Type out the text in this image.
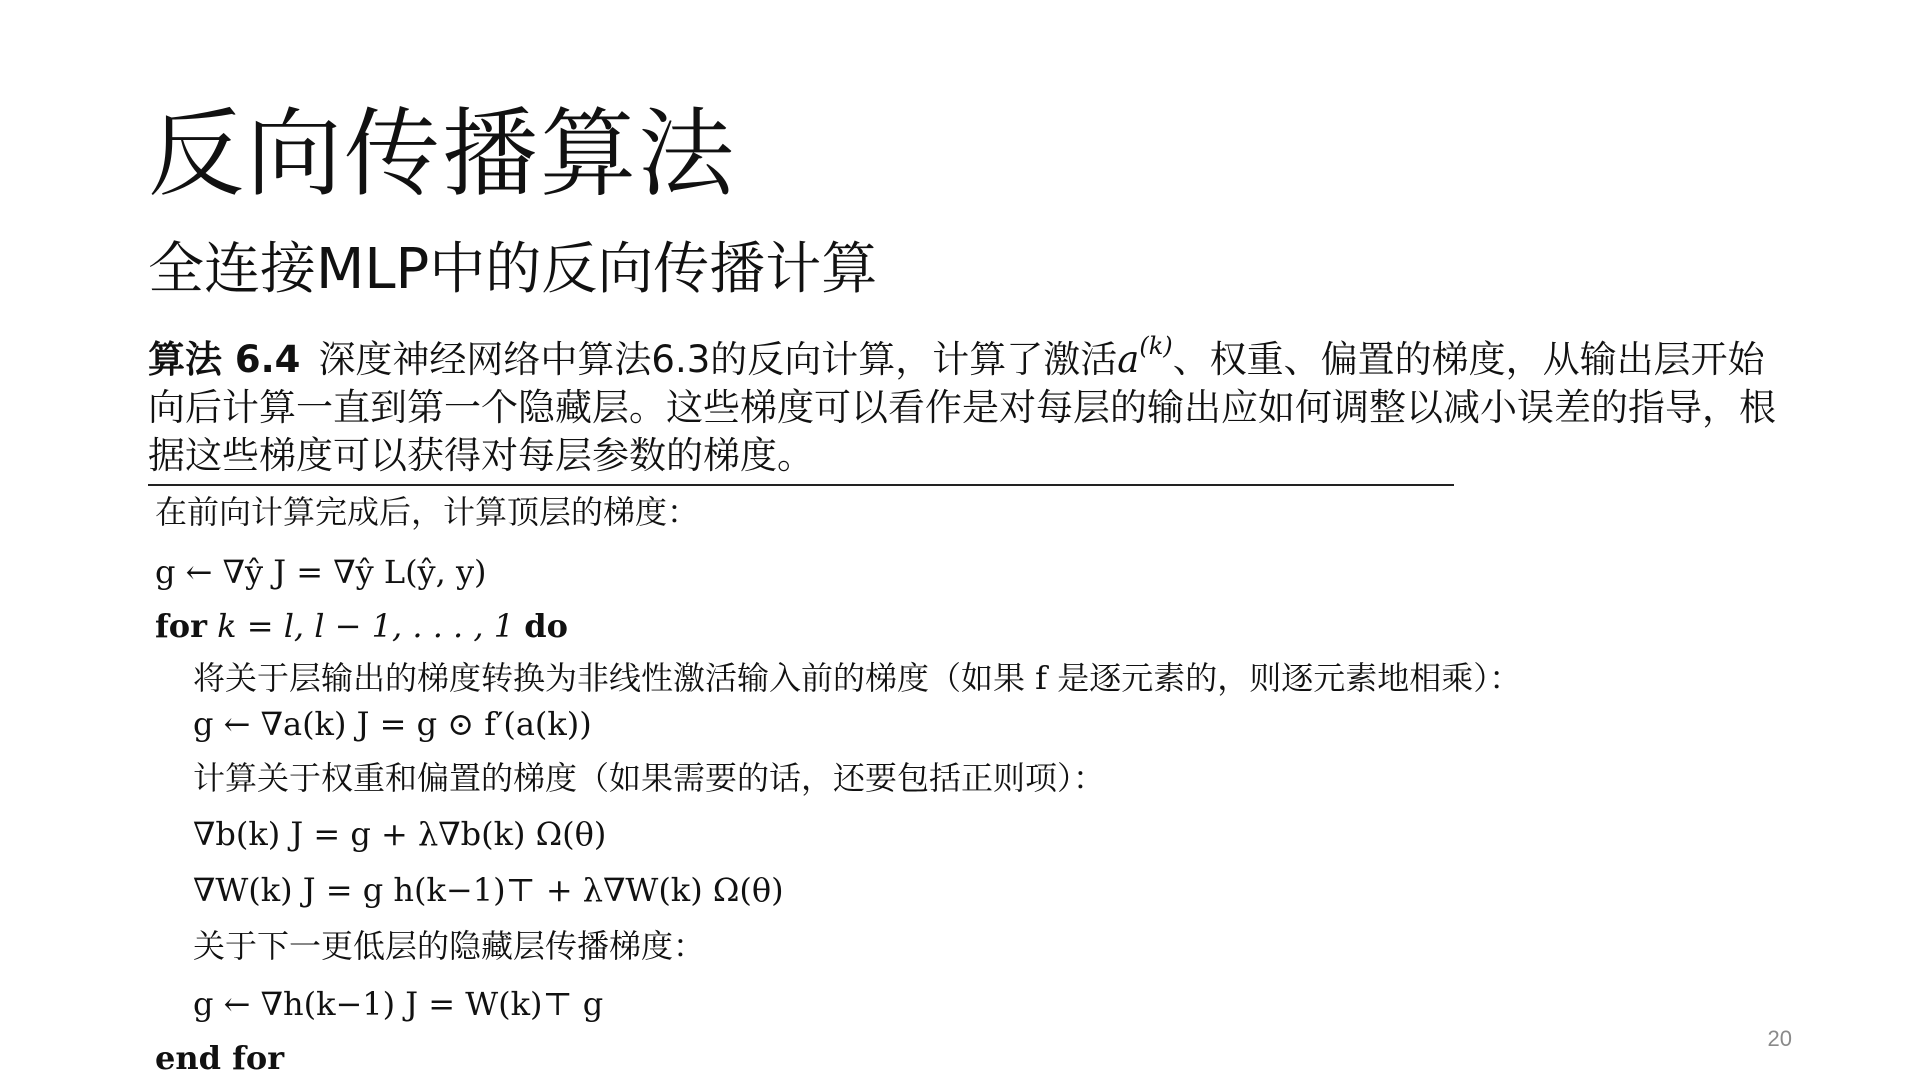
反向传播算法
全连接MLP中的反向传播计算
算法 6.4 深度神经网络中算法6.3的反向计算，计算了激活$a^{(k)}$、权重、偏置的梯度，从输出层开始向后计算一直到第一个隐藏层。这些梯度可以看作是对每层的输出应如何调整以减小误差的指导，根据这些梯度可以获得对每层参数的梯度。
在前向计算完成后，计算顶层的梯度：
g ← ∇ŷ J = ∇ŷ L(ŷ, y)
for k = l, l − 1, . . . , 1 do
将关于层输出的梯度转换为非线性激活输入前的梯度（如果 f 是逐元素的，则逐元素地相乘）：
g ← ∇a(k) J = g ⊙ f′(a(k))
计算关于权重和偏置的梯度（如果需要的话，还要包括正则项）：
∇b(k) J = g + λ∇b(k) Ω(θ)
∇W(k) J = g h(k−1)⊤ + λ∇W(k) Ω(θ)
关于下一更低层的隐藏层传播梯度：
g ← ∇h(k−1) J = W(k)⊤ g
end for
20
